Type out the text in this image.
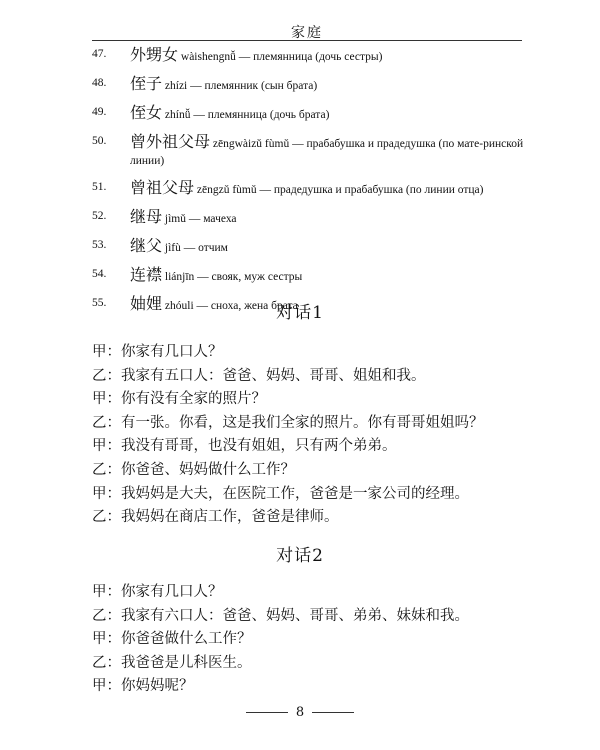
家庭
47.	外甥女 wàishengnǚ — племянница (дочь сестры)
48.	侄子 zhízi — племянник (сын брата)
49.	侄女 zhínǚ — племянница (дочь брата)
50.	曾外祖父母 zēngwàizǔ fùmǔ — прабабушка и прадедушка (по мате-ринской линии)
51.	曾祖父母 zēngzǔ fùmǔ — прадедушка и прабабушка (по линии отца)
52.	继母 jìmǔ — мачеха
53.	继父 jìfù — отчим
54.	连襟 liánjīn — свояк, муж сестры
55.	妯娌 zhóuli — сноха, жена брата
对话1
甲：你家有几口人？
乙：我家有五口人：爸爸、妈妈、哥哥、姐姐和我。
甲：你有没有全家的照片？
乙：有一张。你看，这是我们全家的照片。你有哥哥姐姐吗？
甲：我没有哥哥，也没有姐姐，只有两个弟弟。
乙：你爸爸、妈妈做什么工作？
甲：我妈妈是大夫，在医院工作，爸爸是一家公司的经理。
乙：我妈妈在商店工作，爸爸是律师。
对话2
甲：你家有几口人？
乙：我家有六口人：爸爸、妈妈、哥哥、弟弟、妹妹和我。
甲：你爸爸做什么工作？
乙：我爸爸是儿科医生。
甲：你妈妈呢？
8
